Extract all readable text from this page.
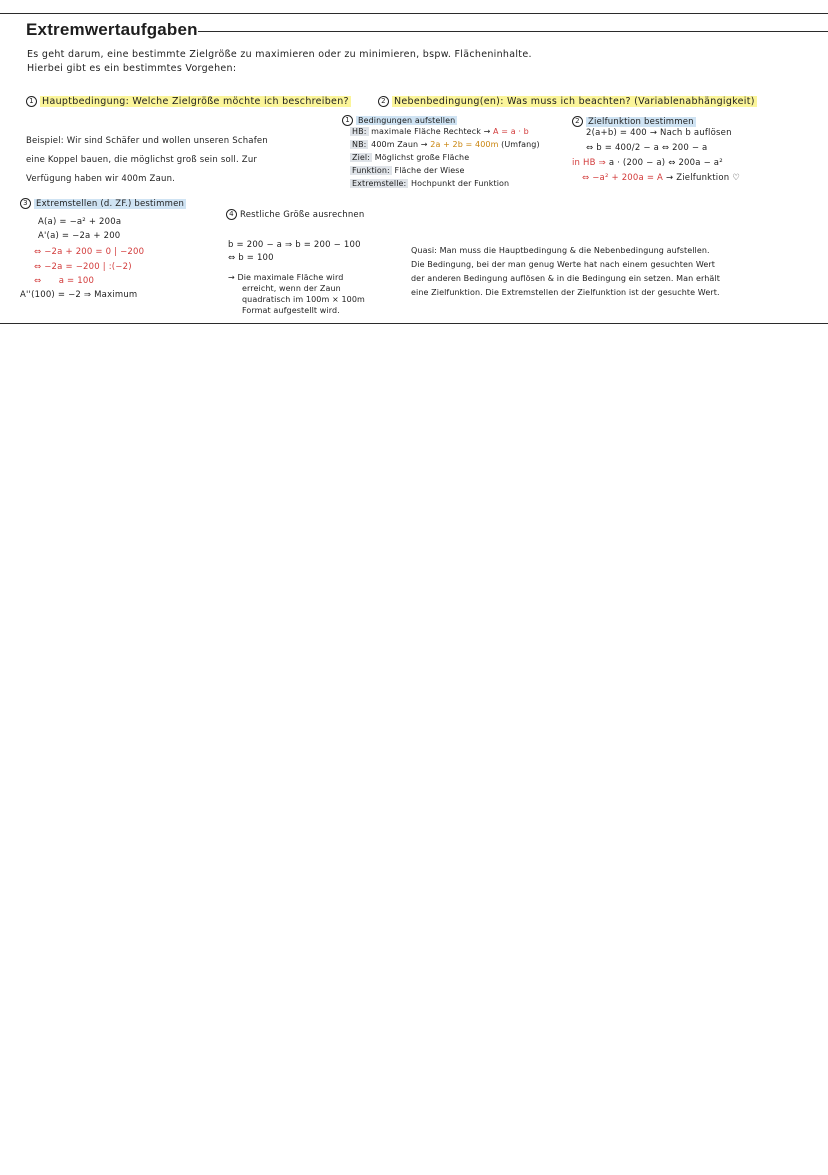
Extremwertaufgaben
Es geht darum, eine bestimmte Zielgröße zu maximieren oder zu minimieren, bspw. Flächeninhalte.
Hierbei gibt es ein bestimmtes Vorgehen:
1 Hauptbedingung: Welche Zielgröße möchte ich beschreiben?	2 Nebenbedingung(en): Was muss ich beachten? (Variablenabhängigkeit)
Beispiel: Wir sind Schäfer und wollen unseren Schafen
eine Koppel bauen, die möglichst groß sein soll. Zur
Verfügung haben wir 400m Zaun.
1 Bedingungen aufstellen
HB: maximale Fläche Rechteck → A = a · b
NB: 400m Zaun → 2a + 2b = 400m (Umfang)
Ziel: Möglichst große Fläche
Funktion: Fläche der Wiese
Extremstelle: Hochpunkt der Funktion
2 Zielfunktion bestimmen
2(a+b) = 400 → Nach b auflösen
⇔ b = 400/2 − a ⇔ 200 − a
in HB ⇒ a · (200 − a) ⇔ 200a − a²
⇔ −a² + 200a = A → Zielfunktion ♡
3 Extremstellen (d. ZF.) bestimmen
A(a) = −a² + 200a
A'(a) = −2a + 200
⇔ −2a + 200 = 0 | −200
⇔ −2a = −200 | :(−2)
⇔      a = 100
A''(100) = −2 ⇒ Maximum
4 Restliche Größe ausrechnen
b = 200 − a ⇒ b = 200 − 100
⇔ b = 100
→ Die maximale Fläche wird
erreicht, wenn der Zaun
quadratisch im 100m × 100m
Format aufgestellt wird.
Quasi: Man muss die Hauptbedingung & die Nebenbedingung aufstellen.
Die Bedingung, bei der man genug Werte hat nach einem gesuchten Wert
der anderen Bedingung auflösen & in die Bedingung ein setzen. Man erhält
eine Zielfunktion. Die Extremstellen der Zielfunktion ist der gesuchte Wert.
